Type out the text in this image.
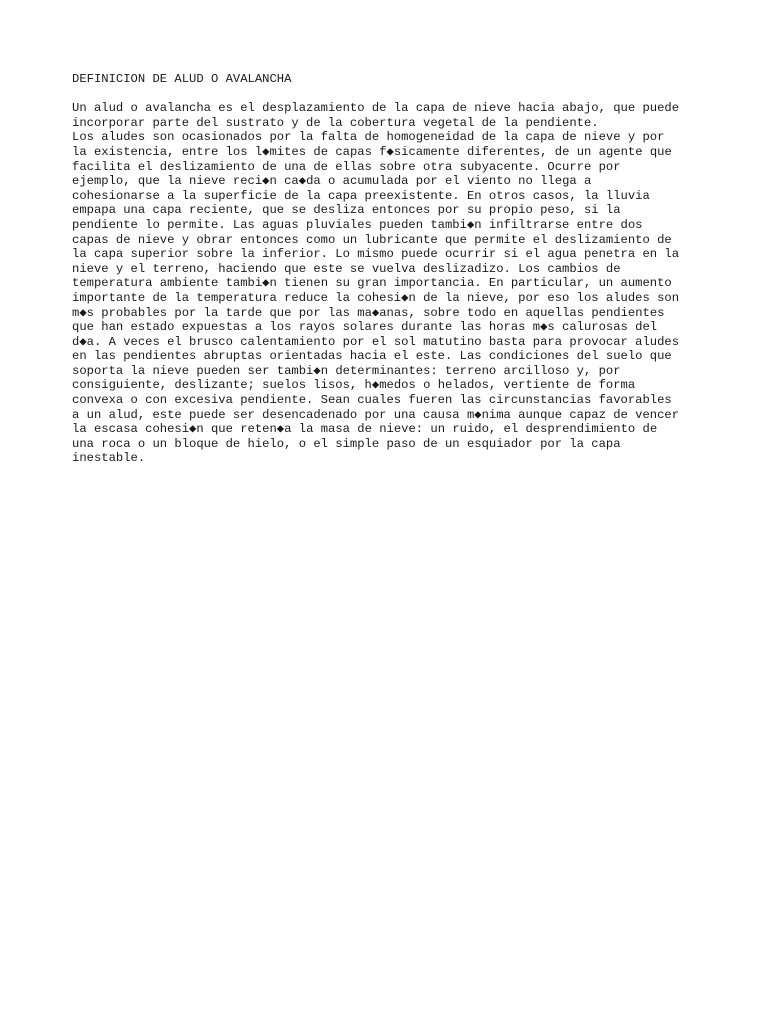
DEFINICION DE ALUD O AVALANCHA
Un alud o avalancha es el desplazamiento de la capa de nieve hacia abajo, que puede
incorporar parte del sustrato y de la cobertura vegetal de la pendiente.
Los aludes son ocasionados por la falta de homogeneidad de la capa de nieve y por
la existencia, entre los l◆mites de capas f◆sicamente diferentes, de un agente que
facilita el deslizamiento de una de ellas sobre otra subyacente. Ocurre por
ejemplo, que la nieve reci◆n ca◆da o acumulada por el viento no llega a
cohesionarse a la superficie de la capa preexistente. En otros casos, la lluvia
empapa una capa reciente, que se desliza entonces por su propio peso, si la
pendiente lo permite. Las aguas pluviales pueden tambi◆n infiltrarse entre dos
capas de nieve y obrar entonces como un lubricante que permite el deslizamiento de
la capa superior sobre la inferior. Lo mismo puede ocurrir si el agua penetra en la
nieve y el terreno, haciendo que este se vuelva deslizadizo. Los cambios de
temperatura ambiente tambi◆n tienen su gran importancia. En particular, un aumento
importante de la temperatura reduce la cohesi◆n de la nieve, por eso los aludes son
m◆s probables por la tarde que por las ma◆anas, sobre todo en aquellas pendientes
que han estado expuestas a los rayos solares durante las horas m◆s calurosas del
d◆a. A veces el brusco calentamiento por el sol matutino basta para provocar aludes
en las pendientes abruptas orientadas hacia el este. Las condiciones del suelo que
soporta la nieve pueden ser tambi◆n determinantes: terreno arcilloso y, por
consiguiente, deslizante; suelos lisos, h◆medos o helados, vertiente de forma
convexa o con excesiva pendiente. Sean cuales fueren las circunstancias favorables
a un alud, este puede ser desencadenado por una causa m◆nima aunque capaz de vencer
la escasa cohesi◆n que reten◆a la masa de nieve: un ruido, el desprendimiento de
una roca o un bloque de hielo, o el simple paso de un esquiador por la capa
inestable.
